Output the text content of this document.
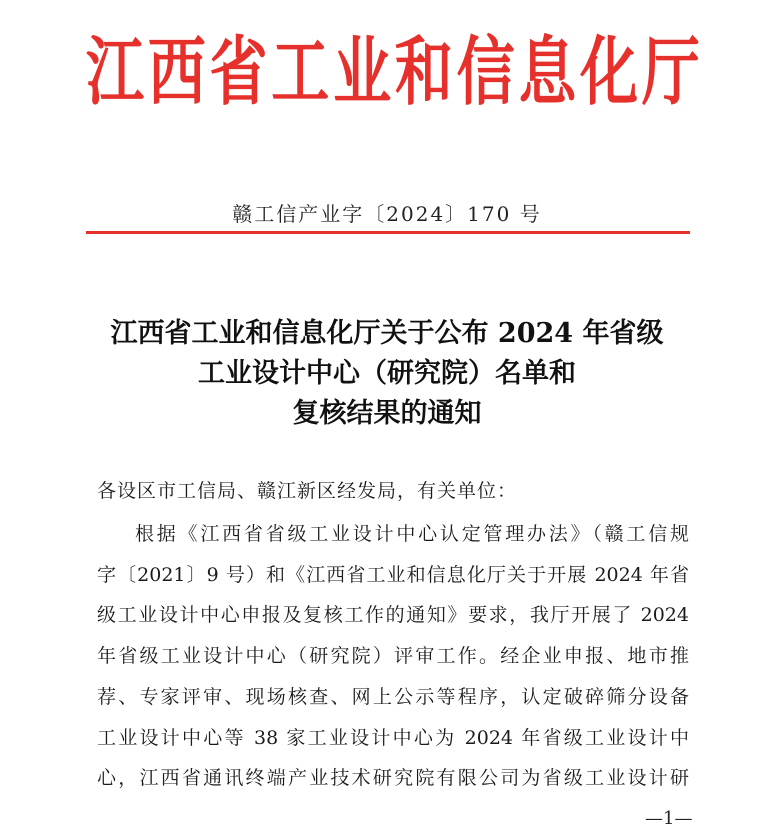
江 西 省 工 业 和 信 息 化 厅
赣工信产业字〔2024〕170 号
江西省工业和信息化厅关于公布 2024 年省级
工业设计中心（研究院）名单和
复核结果的通知
各设区市工信局、赣江新区经发局，有关单位：
根据《江西省省级工业设计中心认定管理办法》（赣工信规
字〔2021〕9 号）和《江西省工业和信息化厅关于开展 2024 年省
级工业设计中心申报及复核工作的通知》要求，我厅开展了 2024
年省级工业设计中心（研究院）评审工作。经企业申报、地市推
荐、专家评审、现场核查、网上公示等程序，认定破碎筛分设备
工业设计中心等 38 家工业设计中心为 2024 年省级工业设计中
心，江西省通讯终端产业技术研究院有限公司为省级工业设计研
—1—
